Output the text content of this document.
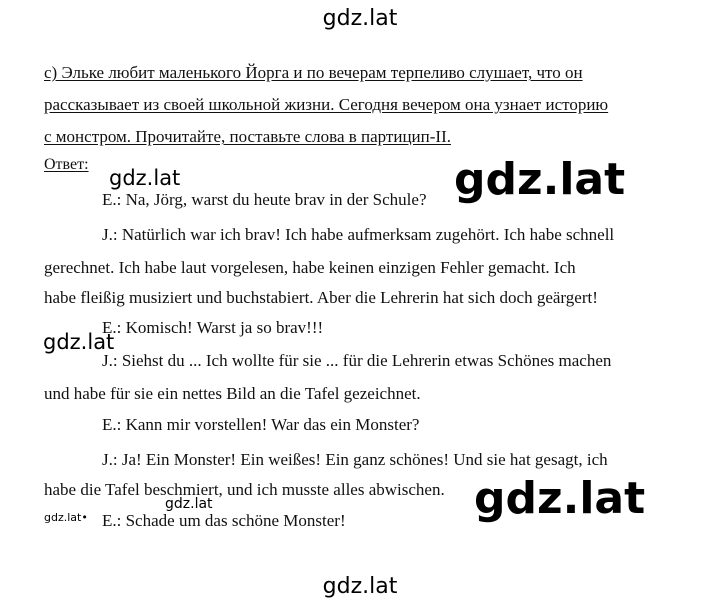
с) Эльке любит маленького Йорга и по вечерам терпеливо слушает, что он
рассказывает из своей школьной жизни. Сегодня вечером она узнает историю
с монстром. Прочитайте, поставьте слова в партицип-II.
Ответ:
E.: Na, Jörg, warst du heute brav in der Schule?
J.: Natürlich war ich brav! Ich habe aufmerksam zugehört. Ich habe schnell
gerechnet. Ich habe laut vorgelesen, habe keinen einzigen Fehler gemacht. Ich
habe fleißig musiziert und buchstabiert. Aber die Lehrerin hat sich doch geärgert!
E.: Komisch! Warst ja so brav!!!
J.: Siehst du ... Ich wollte für sie ... für die Lehrerin etwas Schönes machen
und habe für sie ein nettes Bild an die Tafel gezeichnet.
E.: Kann mir vorstellen! War das ein Monster?
J.: Ja! Ein Monster! Ein weißes! Ein ganz schönes! Und sie hat gesagt, ich
habe die Tafel beschmiert, und ich musste alles abwischen.
E.: Schade um das schöne Monster!
gdz.lat
gdz.lat
gdz.lat
gdz.lat
gdz.lat
gdz.lat
gdz.lat•
gdz.lat
